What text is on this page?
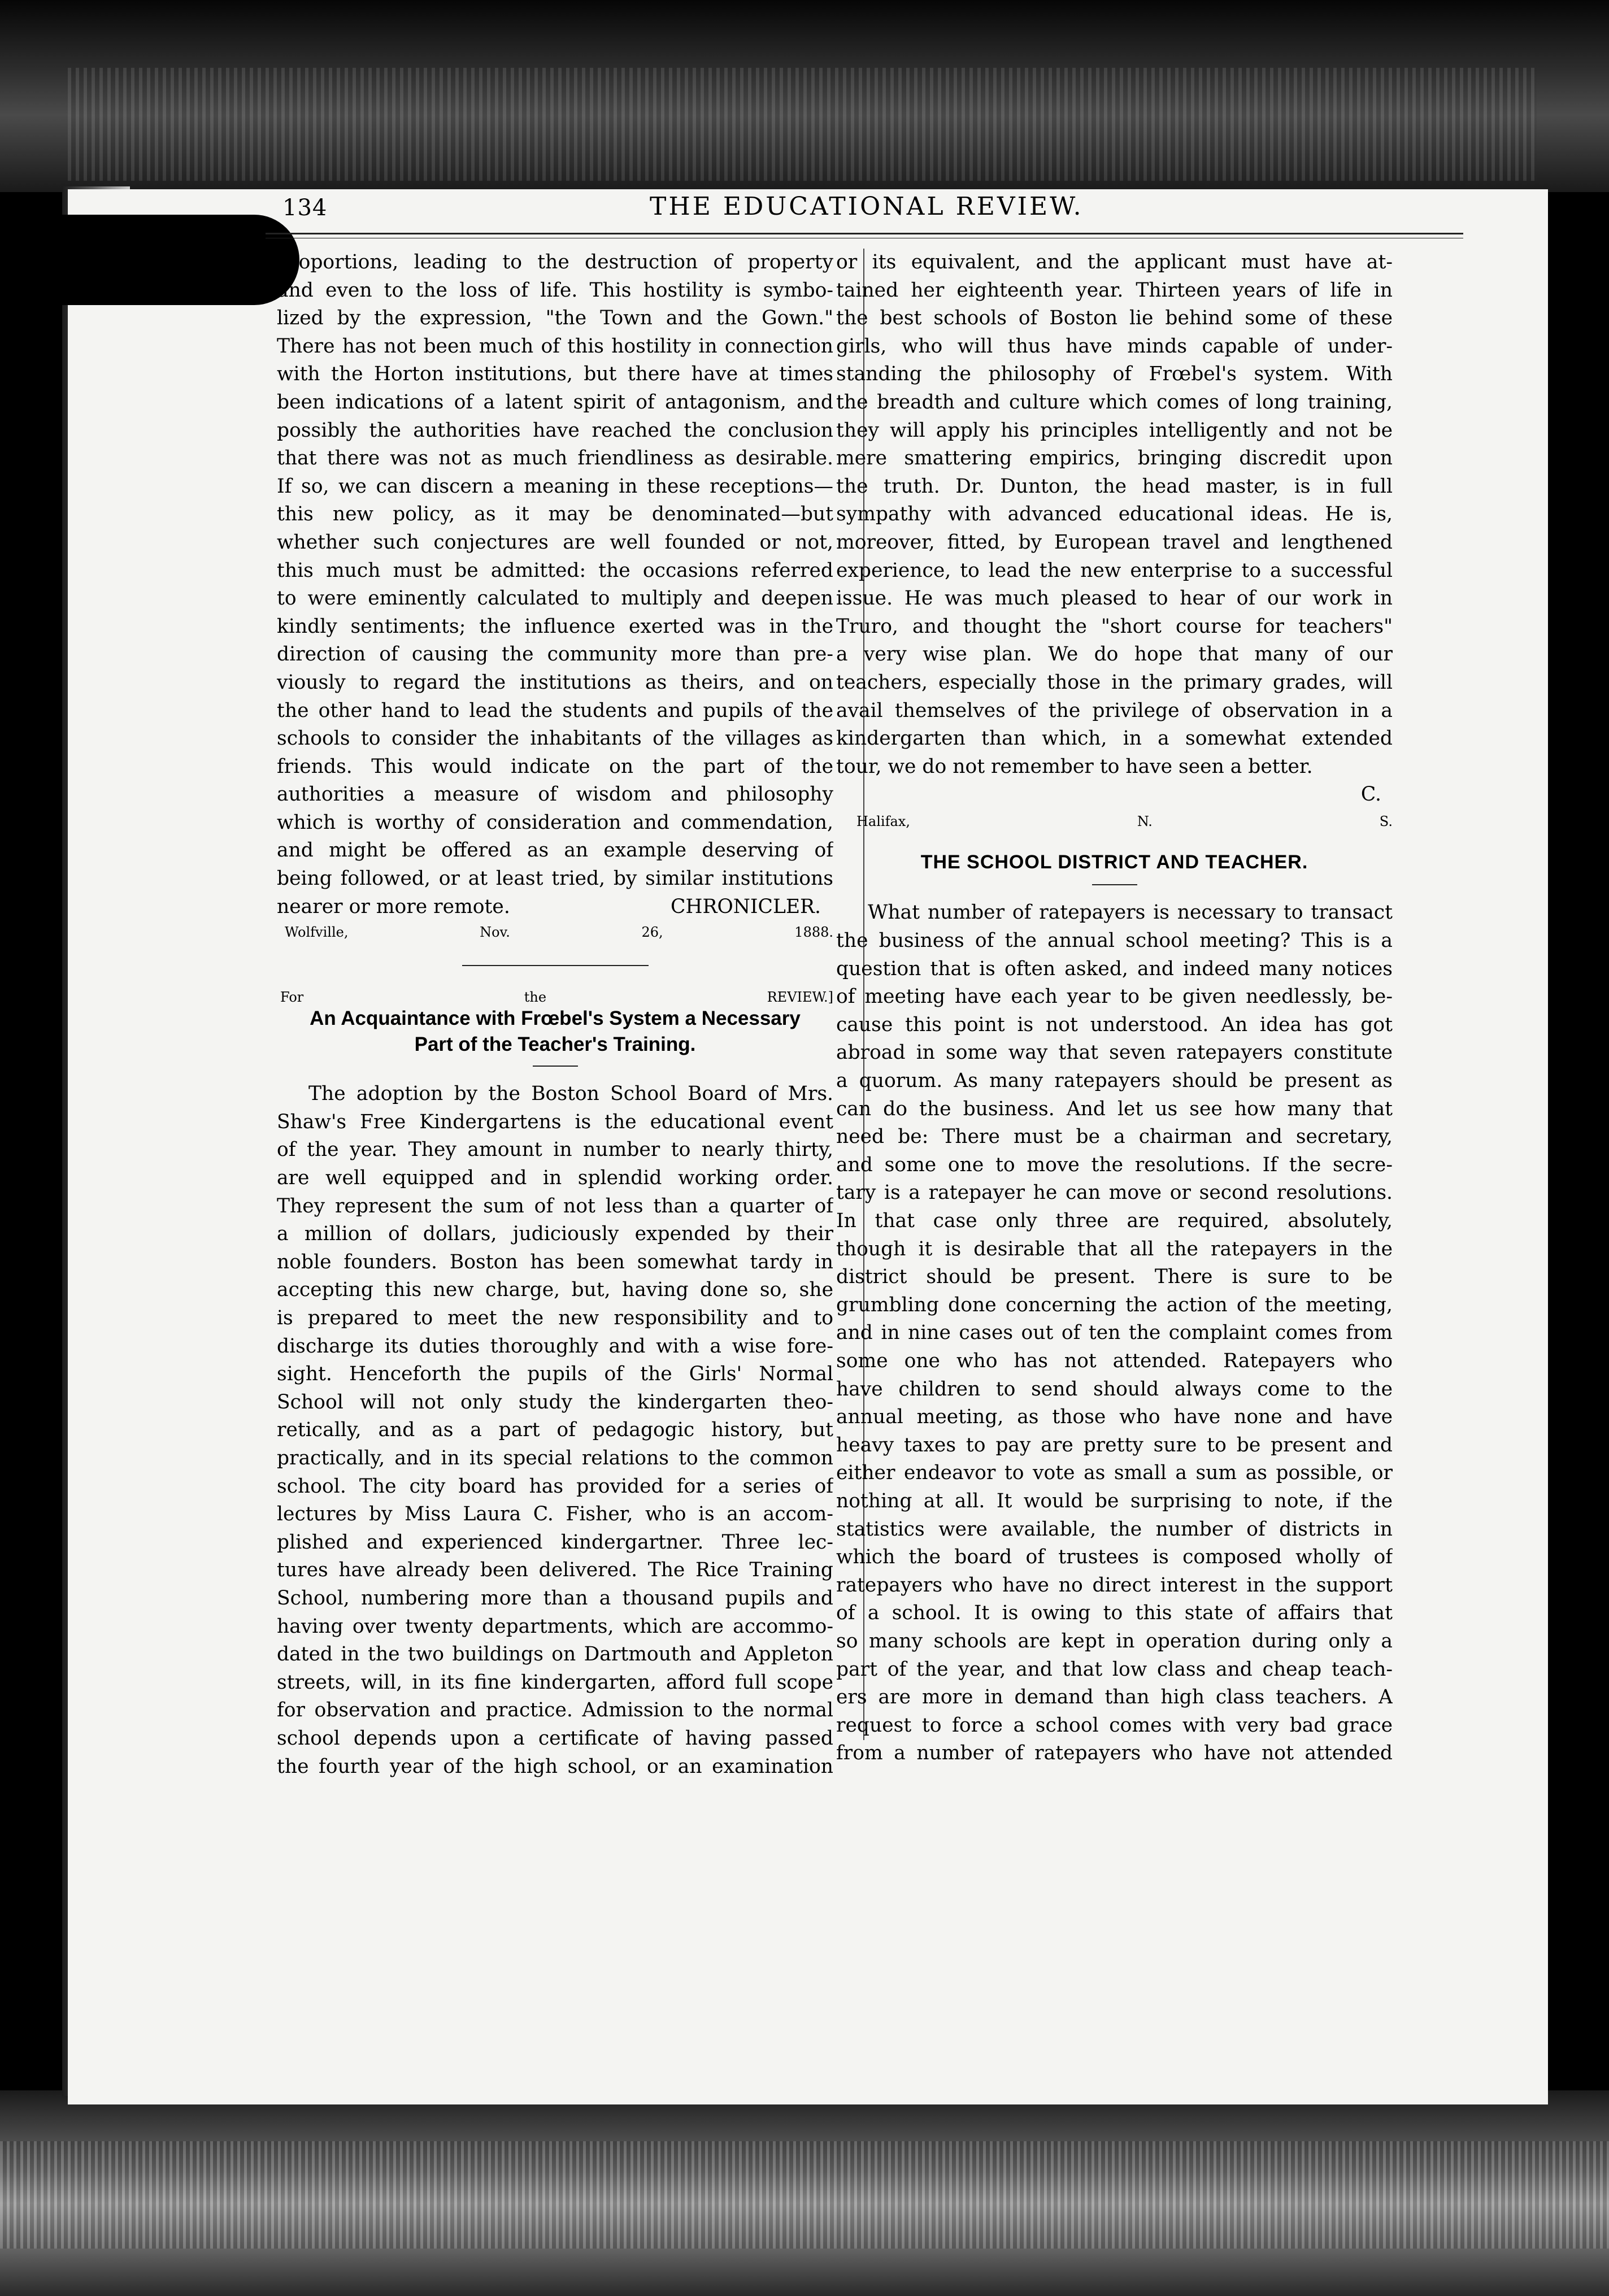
134	THE EDUCATIONAL REVIEW.

proportions, leading to the destruction of property
and even to the loss of life. This hostility is symbo-
lized by the expression, "the Town and the Gown."
There has not been much of this hostility in connection
with the Horton institutions, but there have at times
been indications of a latent spirit of antagonism, and
possibly the authorities have reached the conclusion
that there was not as much friendliness as desirable.
If so, we can discern a meaning in these receptions—
this new policy, as it may be denominated—but
whether such conjectures are well founded or not,
this much must be admitted: the occasions referred
to were eminently calculated to multiply and deepen
kindly sentiments; the influence exerted was in the
direction of causing the community more than pre-
viously to regard the institutions as theirs, and on
the other hand to lead the students and pupils of the
schools to consider the inhabitants of the villages as
friends. This would indicate on the part of the
authorities a measure of wisdom and philosophy
which is worthy of consideration and commendation,
and might be offered as an example deserving of
being followed, or at least tried, by similar institutions

nearer or more remote.	CHRONICLER.
Wolfville, Nov. 26, 1888.
For the REVIEW.]

An Acquaintance with Frœbel's System a Necessary
Part of the Teacher's Training.

The adoption by the Boston School Board of Mrs.
Shaw's Free Kindergartens is the educational event
of the year. They amount in number to nearly thirty,
are well equipped and in splendid working order.
They represent the sum of not less than a quarter of
a million of dollars, judiciously expended by their
noble founders. Boston has been somewhat tardy in
accepting this new charge, but, having done so, she
is prepared to meet the new responsibility and to
discharge its duties thoroughly and with a wise fore-
sight. Henceforth the pupils of the Girls' Normal
School will not only study the kindergarten theo-
retically, and as a part of pedagogic history, but
practically, and in its special relations to the common
school. The city board has provided for a series of
lectures by Miss Laura C. Fisher, who is an accom-
plished and experienced kindergartner. Three lec-
tures have already been delivered. The Rice Training
School, numbering more than a thousand pupils and
having over twenty departments, which are accommo-
dated in the two buildings on Dartmouth and Appleton
streets, will, in its fine kindergarten, afford full scope
for observation and practice. Admission to the normal
school depends upon a certificate of having passed
the fourth year of the high school, or an examination

or its equivalent, and the applicant must have at-
tained her eighteenth year. Thirteen years of life in
the best schools of Boston lie behind some of these
girls, who will thus have minds capable of under-
standing the philosophy of Frœbel's system. With
the breadth and culture which comes of long training,
they will apply his principles intelligently and not be
mere smattering empirics, bringing discredit upon
the truth. Dr. Dunton, the head master, is in full
sympathy with advanced educational ideas. He is,
moreover, fitted, by European travel and lengthened
experience, to lead the new enterprise to a successful
issue. He was much pleased to hear of our work in
Truro, and thought the "short course for teachers"
a very wise plan. We do hope that many of our
teachers, especially those in the primary grades, will
avail themselves of the privilege of observation in a
kindergarten than which, in a somewhat extended

tour, we do not remember to have seen a better.

C.
Halifax, N. S.
THE SCHOOL DISTRICT AND TEACHER.

What number of ratepayers is necessary to transact
the business of the annual school meeting? This is a
question that is often asked, and indeed many notices
of meeting have each year to be given needlessly, be-
cause this point is not understood. An idea has got
abroad in some way that seven ratepayers constitute
a quorum. As many ratepayers should be present as
can do the business. And let us see how many that
need be: There must be a chairman and secretary,
and some one to move the resolutions. If the secre-
tary is a ratepayer he can move or second resolutions.
In that case only three are required, absolutely,
though it is desirable that all the ratepayers in the
district should be present. There is sure to be
grumbling done concerning the action of the meeting,
and in nine cases out of ten the complaint comes from
some one who has not attended. Ratepayers who
have children to send should always come to the
annual meeting, as those who have none and have
heavy taxes to pay are pretty sure to be present and
either endeavor to vote as small a sum as possible, or
nothing at all. It would be surprising to note, if the
statistics were available, the number of districts in
which the board of trustees is composed wholly of
ratepayers who have no direct interest in the support
of a school. It is owing to this state of affairs that
so many schools are kept in operation during only a
part of the year, and that low class and cheap teach-
ers are more in demand than high class teachers. A
request to force a school comes with very bad grace
from a number of ratepayers who have not attended
